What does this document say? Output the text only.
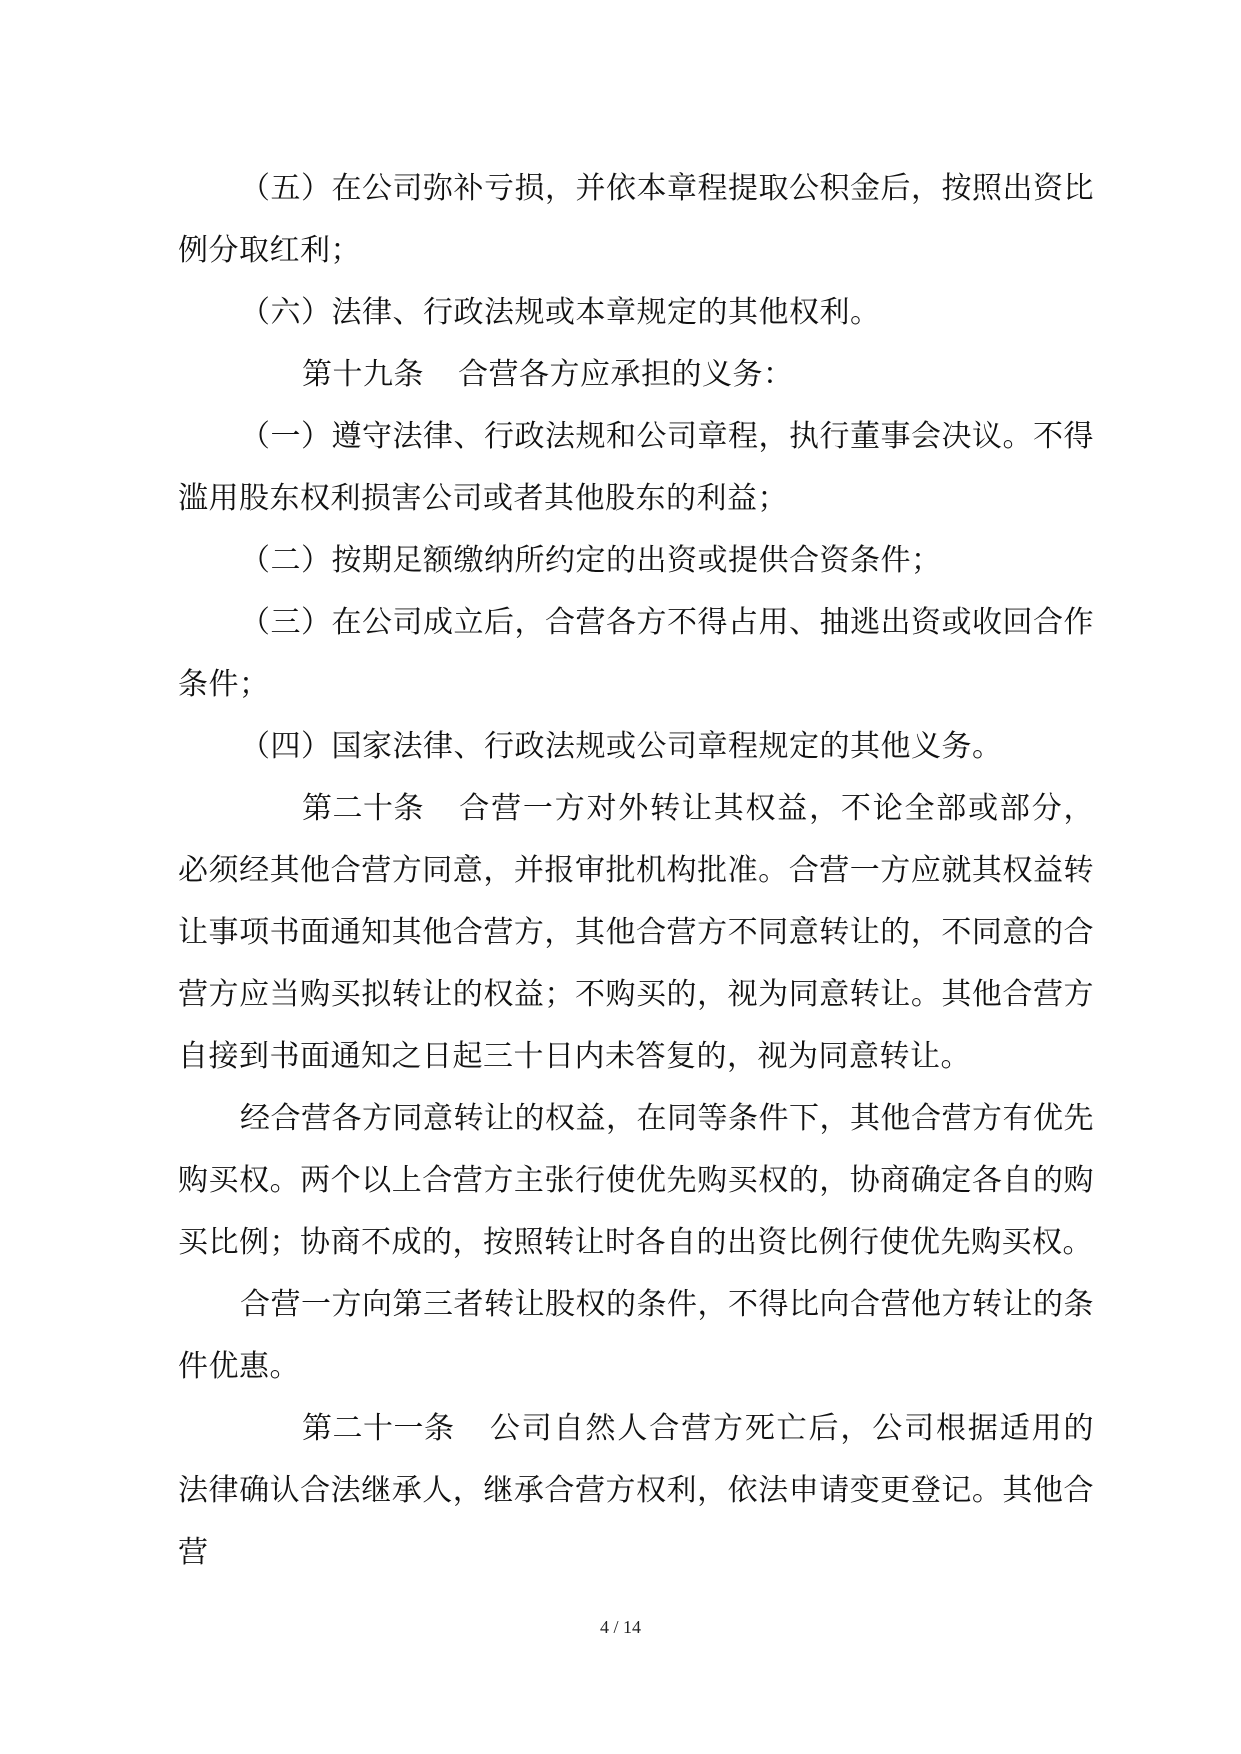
（五）在公司弥补亏损，并依本章程提取公积金后，按照出资比例分取红利；

（六）法律、行政法规或本章规定的其他权利。

第十九条 合营各方应承担的义务：

（一）遵守法律、行政法规和公司章程，执行董事会决议。不得滥用股东权利损害公司或者其他股东的利益；

（二）按期足额缴纳所约定的出资或提供合资条件；

（三）在公司成立后，合营各方不得占用、抽逃出资或收回合作条件；

（四）国家法律、行政法规或公司章程规定的其他义务。

第二十条 合营一方对外转让其权益，不论全部或部分，必须经其他合营方同意，并报审批机构批准。合营一方应就其权益转让事项书面通知其他合营方，其他合营方不同意转让的，不同意的合营方应当购买拟转让的权益；不购买的，视为同意转让。其他合营方自接到书面通知之日起三十日内未答复的，视为同意转让。

经合营各方同意转让的权益，在同等条件下，其他合营方有优先购买权。两个以上合营方主张行使优先购买权的，协商确定各自的购买比例；协商不成的，按照转让时各自的出资比例行使优先购买权。

合营一方向第三者转让股权的条件，不得比向合营他方转让的条件优惠。

第二十一条 公司自然人合营方死亡后，公司根据适用的法律确认合法继承人，继承合营方权利，依法申请变更登记。其他合营

4 / 14
